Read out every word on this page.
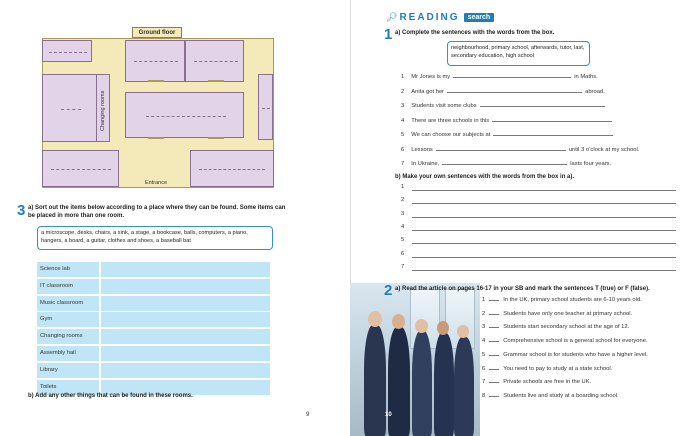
Ground floor
Changing rooms
Entrance
3 a) Sort out the items below according to a place where they can be found. Some items can be placed in more than one room.
a microscope, desks, chairs, a sink, a stage, a bookcase, balls, computers, a piano, hangers, a board, a guitar, clothes and shoes, a baseball bat
Science lab
IT classroom
Music classroom
Gym
Changing rooms
Assembly hall
Library
Toilets
b) Add any other things that can be found in these rooms.
9
🔎︎ READING	search
1 a) Complete the sentences with the words from the box.
neighbourhood, primary school, afterwards, tutor, last, secondary education, high school
1 Mr Jones is my	in Maths.
2 Anita got her	abroad.
3 Students visit some clubs
4 There are three schools in this
5 We can choose our subjects at
6 Lessons	until 3 o’clock at my school.
7 In Ukraine,	lasts four years.
b) Make your own sentences with the words from the box in a).
1
2
3
4
5
6
7
2 a) Read the article on pages 16-17 in your SB and mark the sentences T (true) or F (false).
1	In the UK, primary school students are 6-10 years old.
2	Students have only one teacher at primary school.
3	Students start secondary school at the age of 12.
4	Comprehensive school is a general school for everyone.
5	Grammar school is for students who have a higher level.
6	You need to pay to study at a state school.
7	Private schools are free in the UK.
8	Students live and study at a boarding school.
10
